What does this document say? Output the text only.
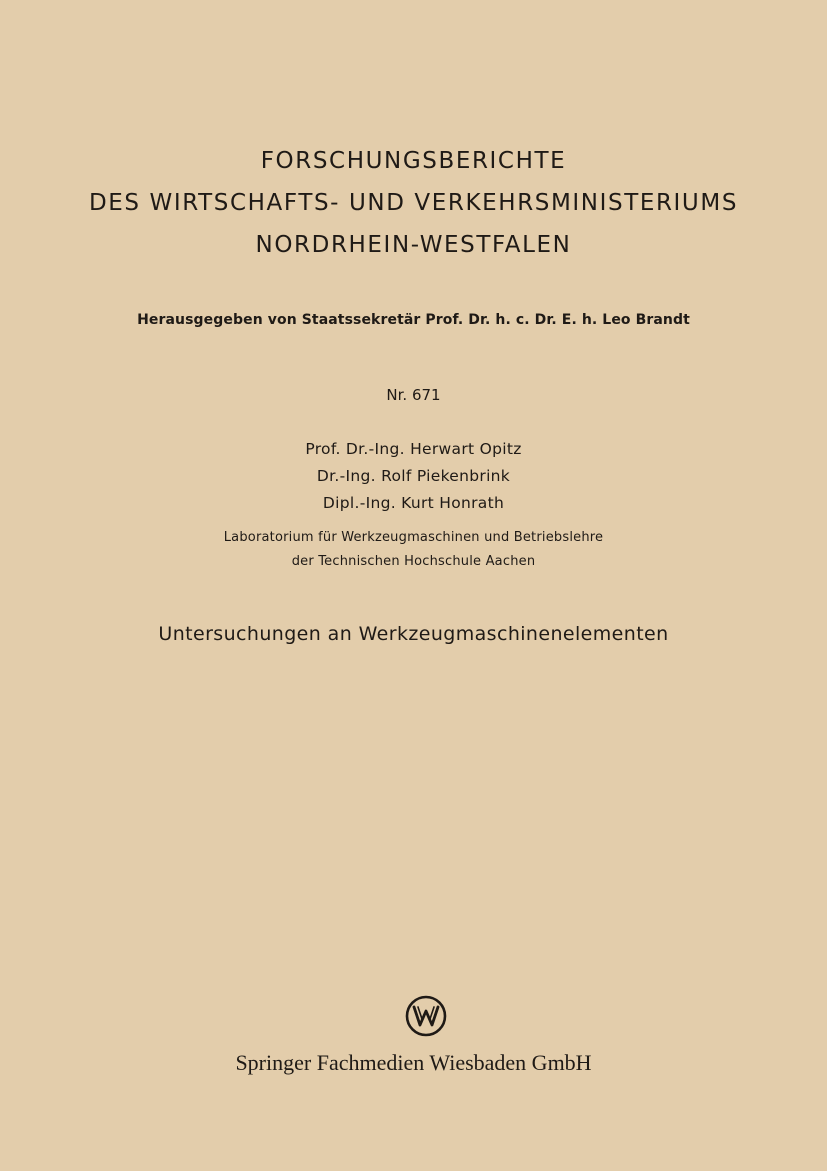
FORSCHUNGSBERICHTE
DES WIRTSCHAFTS- UND VERKEHRSMINISTERIUMS
NORDRHEIN-WESTFALEN
Herausgegeben von Staatssekretär Prof. Dr. h. c. Dr. E. h. Leo Brandt
Nr. 671
Prof. Dr.-Ing. Herwart Opitz
Dr.-Ing. Rolf Piekenbrink
Dipl.-Ing. Kurt Honrath
Laboratorium für Werkzeugmaschinen und Betriebslehre
der Technischen Hochschule Aachen
Untersuchungen an Werkzeugmaschinenelementen
Springer Fachmedien Wiesbaden GmbH
